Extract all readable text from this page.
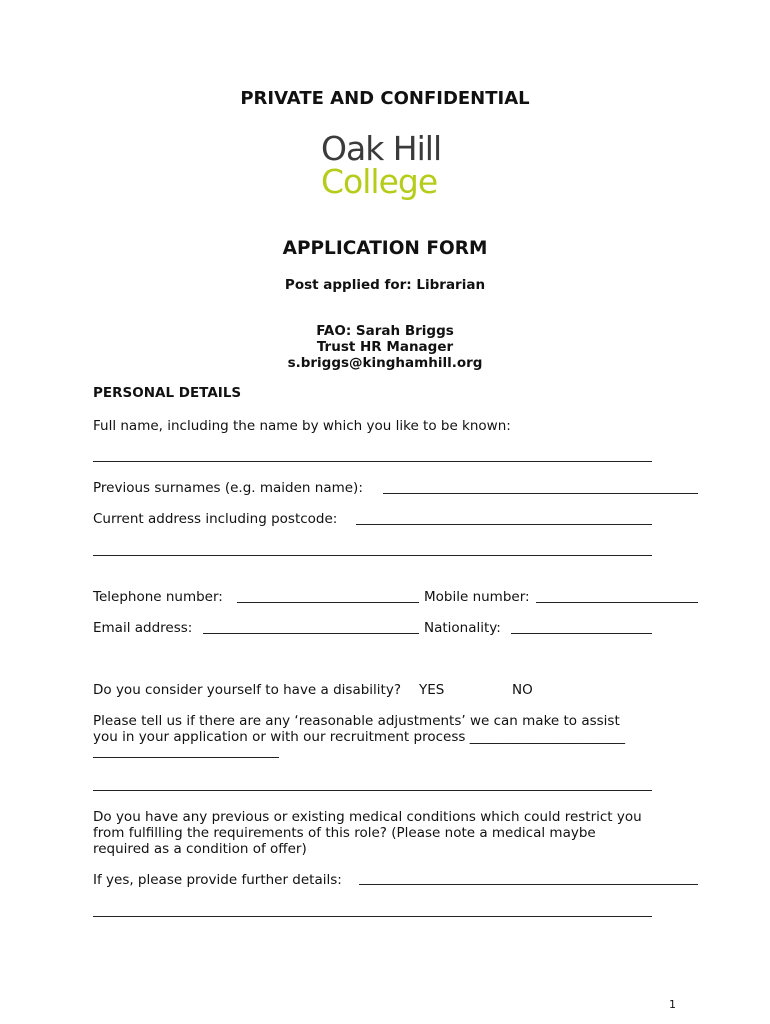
PRIVATE AND CONFIDENTIAL
Oak Hill
College
APPLICATION FORM
Post applied for: Librarian
FAO: Sarah Briggs
Trust HR Manager
s.briggs@kinghamhill.org
PERSONAL DETAILS
Full name, including the name by which you like to be known:
Previous surnames (e.g. maiden name):
Current address including postcode:
Telephone number:	Mobile number:
Email address:	Nationality:
Do you consider yourself to have a disability? YES	NO
Please tell us if there are any ‘reasonable adjustments’ we can make to assist
you in your application or with our recruitment process _______________________
Do you have any previous or existing medical conditions which could restrict you
from fulfilling the requirements of this role? (Please note a medical maybe
required as a condition of offer)
If yes, please provide further details:
1
